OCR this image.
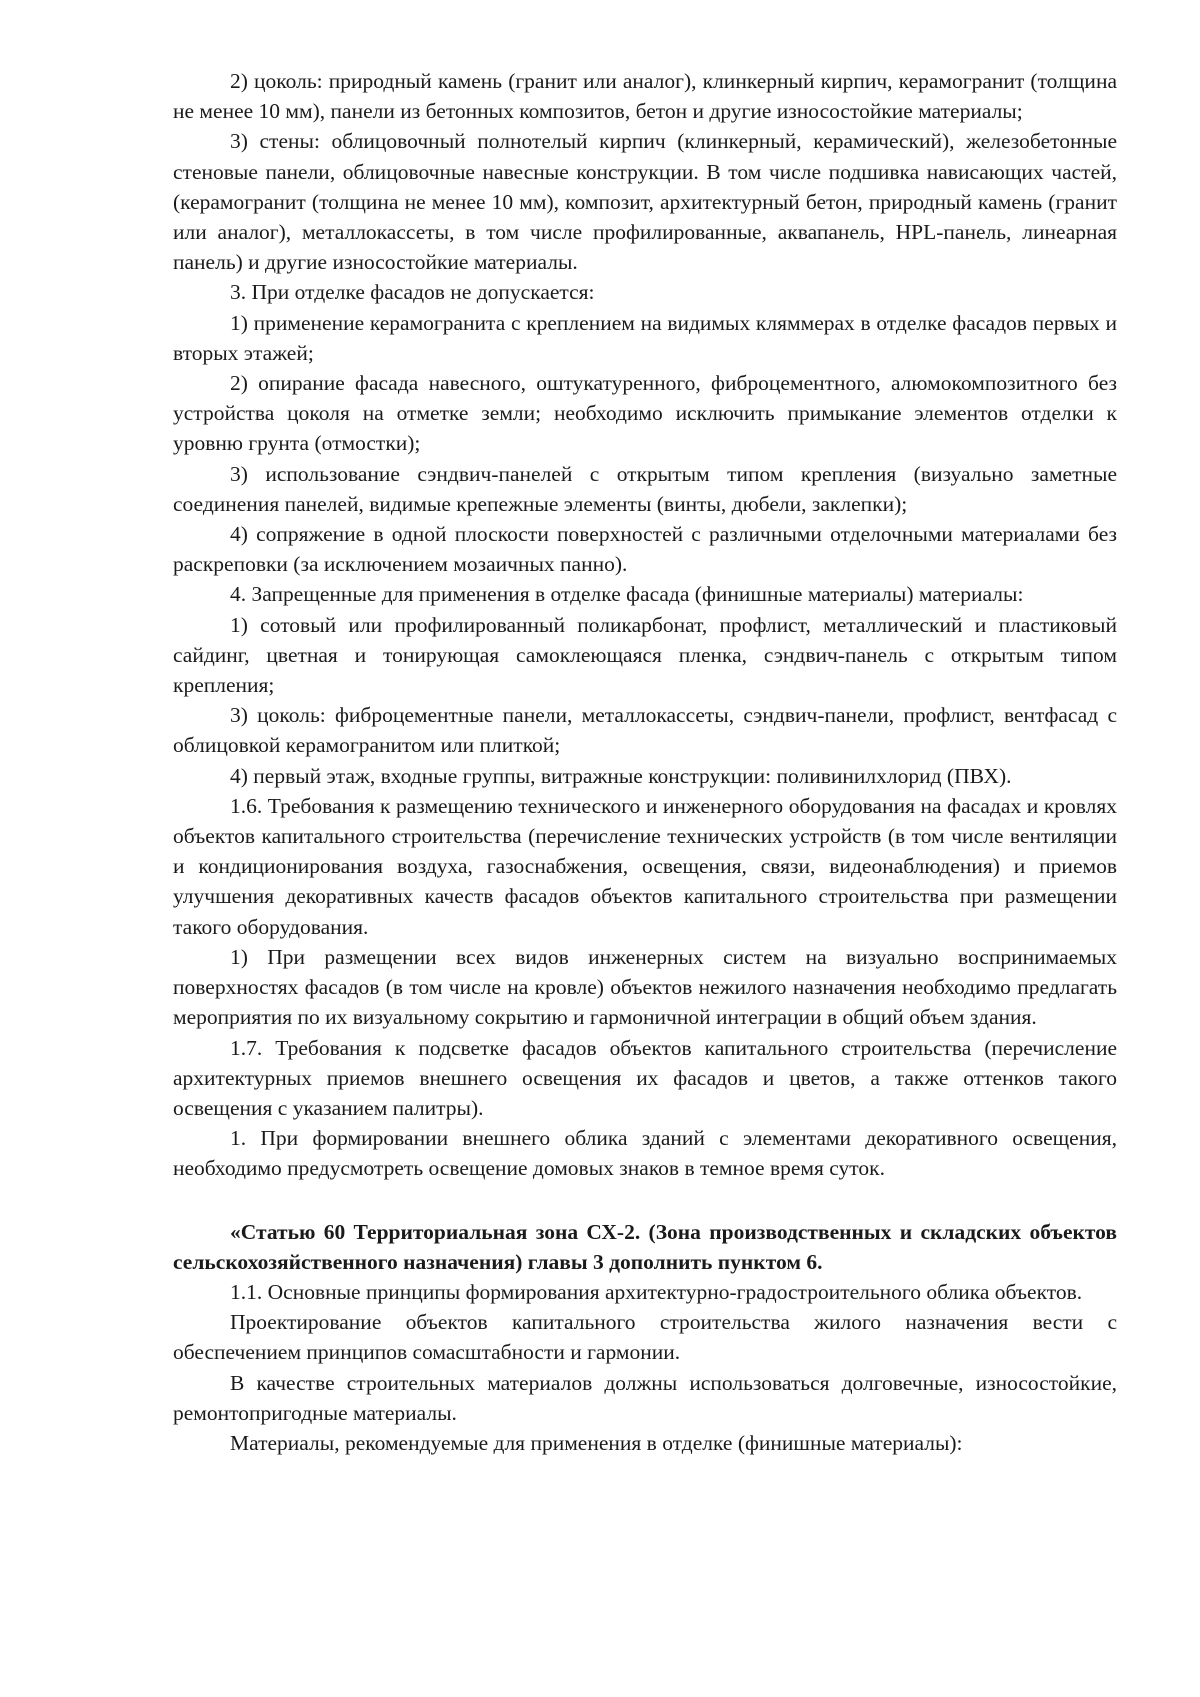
2) цоколь: природный камень (гранит или аналог), клинкерный кирпич, керамогранит (толщина не менее 10 мм), панели из бетонных композитов, бетон и другие износостойкие материалы;

3) стены: облицовочный полнотелый кирпич (клинкерный, керамический), железобетонные стеновые панели, облицовочные навесные конструкции. В том числе подшивка нависающих частей, (керамогранит (толщина не менее 10 мм), композит, архитектурный бетон, природный камень (гранит или аналог), металлокассеты, в том числе профилированные, аквапанель, HPL-панель, линеарная панель) и другие износостойкие материалы.

3. При отделке фасадов не допускается:

1) применение керамогранита с креплением на видимых кляммерах в отделке фасадов первых и вторых этажей;

2) опирание фасада навесного, оштукатуренного, фиброцементного, алюмокомпозитного без устройства цоколя на отметке земли; необходимо исключить примыкание элементов отделки к уровню грунта (отмостки);

3) использование сэндвич-панелей с открытым типом крепления (визуально заметные соединения панелей, видимые крепежные элементы (винты, дюбели, заклепки);

4) сопряжение в одной плоскости поверхностей с различными отделочными материалами без раскреповки (за исключением мозаичных панно).

4. Запрещенные для применения в отделке фасада (финишные материалы) материалы:

1) сотовый или профилированный поликарбонат, профлист, металлический и пластиковый сайдинг, цветная и тонирующая самоклеющаяся пленка, сэндвич-панель с открытым типом крепления;

3) цоколь: фиброцементные панели, металлокассеты, сэндвич-панели, профлист, вентфасад с облицовкой керамогранитом или плиткой;

4) первый этаж, входные группы, витражные конструкции: поливинилхлорид (ПВХ).

1.6. Требования к размещению технического и инженерного оборудования на фасадах и кровлях объектов капитального строительства (перечисление технических устройств (в том числе вентиляции и кондиционирования воздуха, газоснабжения, освещения, связи, видеонаблюдения) и приемов улучшения декоративных качеств фасадов объектов капитального строительства при размещении такого оборудования.

1) При размещении всех видов инженерных систем на визуально воспринимаемых поверхностях фасадов (в том числе на кровле) объектов нежилого назначения необходимо предлагать мероприятия по их визуальному сокрытию и гармоничной интеграции в общий объем здания.

1.7. Требования к подсветке фасадов объектов капитального строительства (перечисление архитектурных приемов внешнего освещения их фасадов и цветов, а также оттенков такого освещения с указанием палитры).

1. При формировании внешнего облика зданий с элементами декоративного освещения, необходимо предусмотреть освещение домовых знаков в темное время суток.

«Статью 60 Территориальная зона СХ-2. (Зона производственных и складских объектов сельскохозяйственного назначения) главы 3 дополнить пунктом 6.

1.1. Основные принципы формирования архитектурно-градостроительного облика объектов.

Проектирование объектов капитального строительства жилого назначения вести с обеспечением принципов сомасштабности и гармонии.

В качестве строительных материалов должны использоваться долговечные, износостойкие, ремонтопригодные материалы.

Материалы, рекомендуемые для применения в отделке (финишные материалы):
